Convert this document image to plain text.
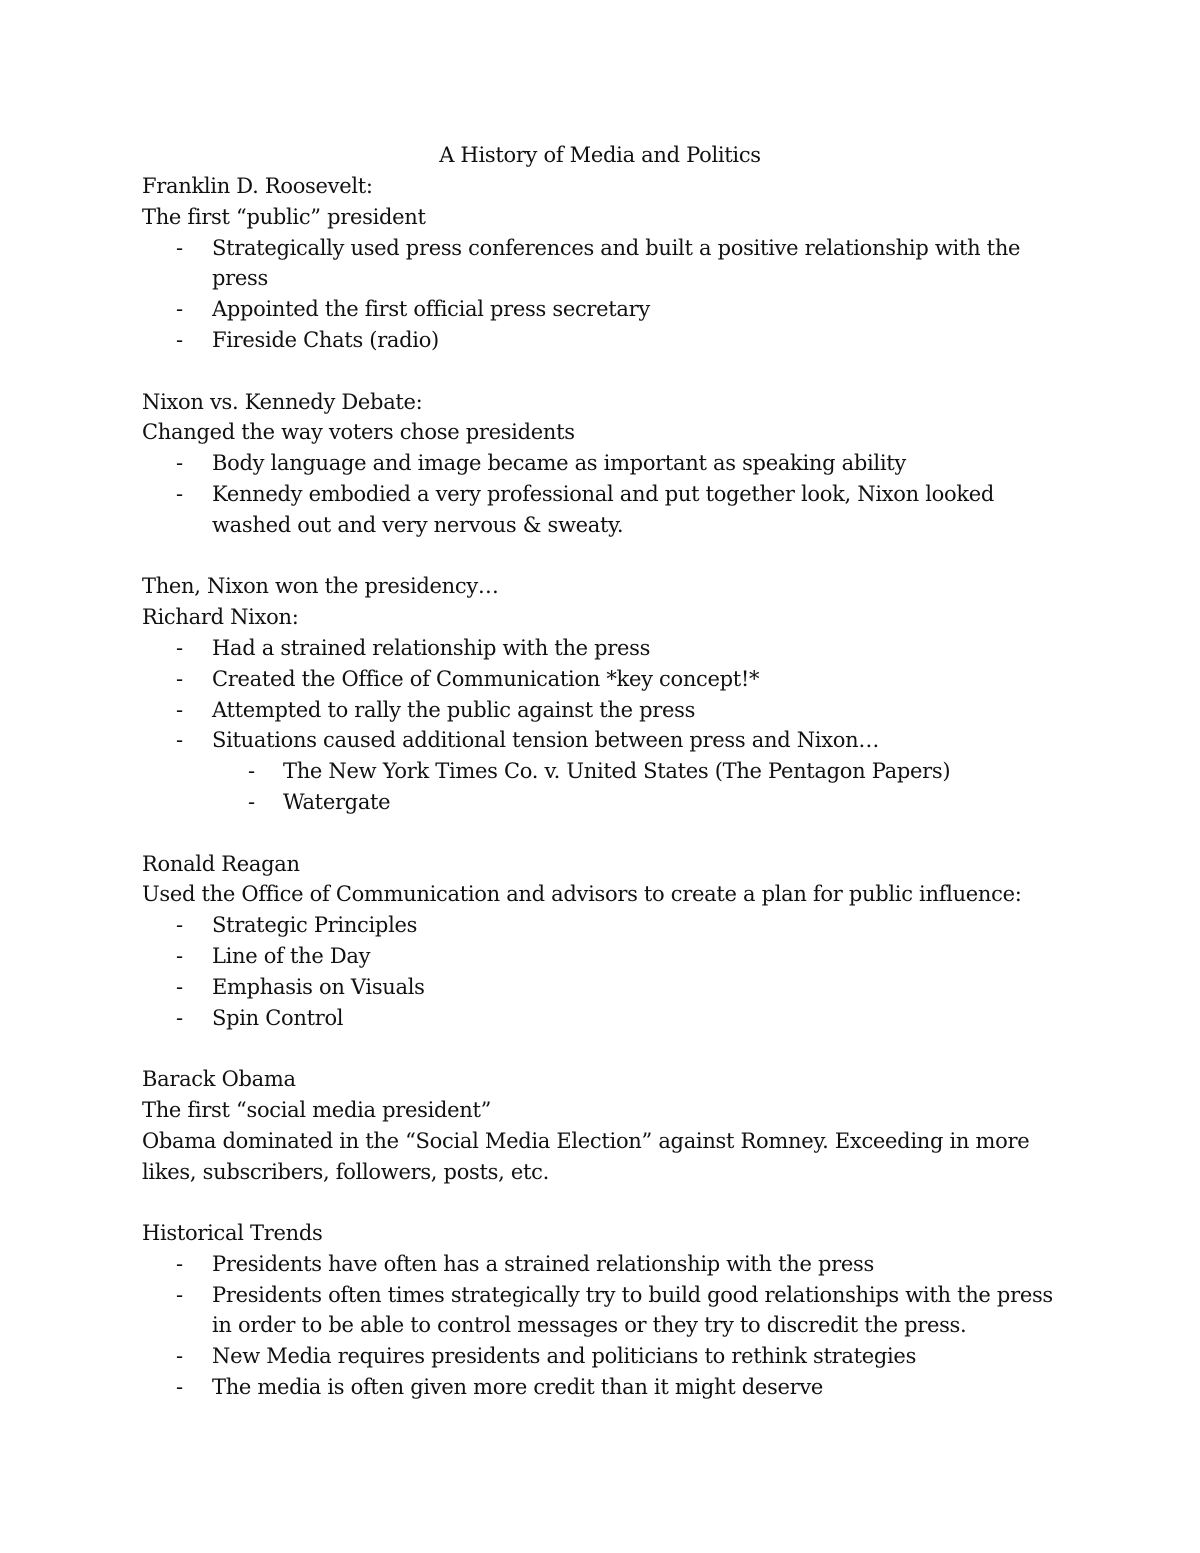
A History of Media and Politics
Franklin D. Roosevelt:
The first “public” president
- Strategically used press conferences and built a positive relationship with the press
- Appointed the first official press secretary
- Fireside Chats (radio)
Nixon vs. Kennedy Debate:
Changed the way voters chose presidents
- Body language and image became as important as speaking ability
- Kennedy embodied a very professional and put together look, Nixon looked washed out and very nervous & sweaty.
Then, Nixon won the presidency…
Richard Nixon:
- Had a strained relationship with the press
- Created the Office of Communication *key concept!*
- Attempted to rally the public against the press
- Situations caused additional tension between press and Nixon…
- The New York Times Co. v. United States (The Pentagon Papers)
- Watergate
Ronald Reagan
Used the Office of Communication and advisors to create a plan for public influence:
- Strategic Principles
- Line of the Day
- Emphasis on Visuals
- Spin Control
Barack Obama
The first “social media president”
Obama dominated in the “Social Media Election” against Romney. Exceeding in more
likes, subscribers, followers, posts, etc.
Historical Trends
- Presidents have often has a strained relationship with the press
- Presidents often times strategically try to build good relationships with the press in order to be able to control messages or they try to discredit the press.
- New Media requires presidents and politicians to rethink strategies
- The media is often given more credit than it might deserve
